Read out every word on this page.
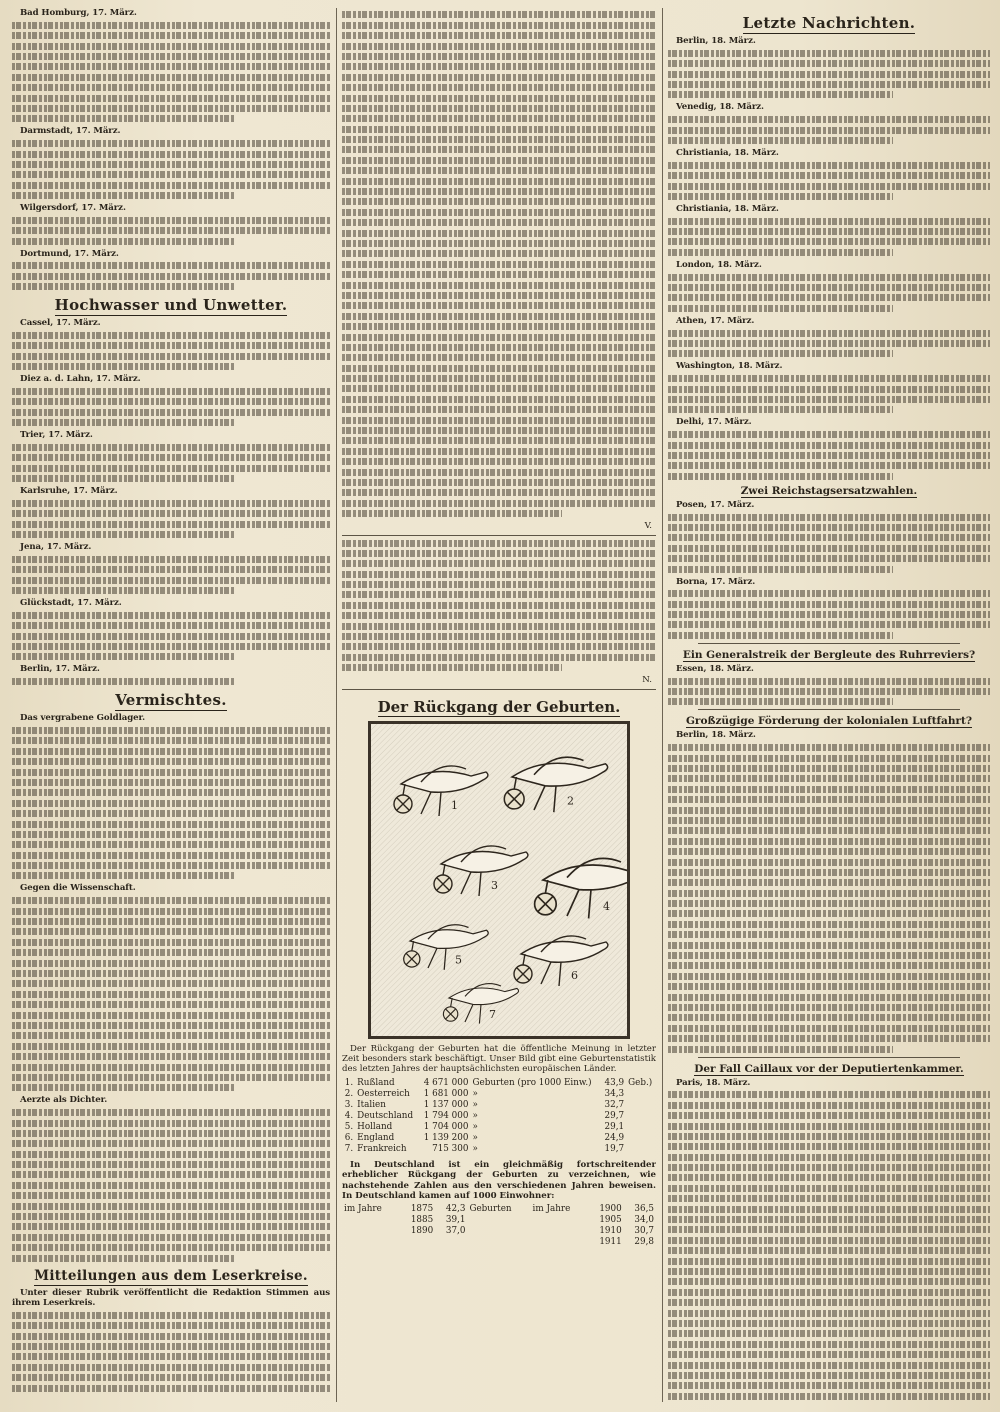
Bad Homburg, 17. März.

Darmstadt, 17. März.

Wilgersdorf, 17. März.

Dortmund, 17. März.

Hochwasser und Unwetter.

Cassel, 17. März.

Diez a. d. Lahn, 17. März.

Trier, 17. März.

Karlsruhe, 17. März.

Jena, 17. März.

Glückstadt, 17. März.

Berlin, 17. März.

Vermischtes.

Das vergrabene Goldlager.

Gegen die Wissenschaft.

Aerzte als Dichter.

Mitteilungen aus dem Leserkreise.

Unter dieser Rubrik veröffentlicht die Redaktion Stimmen aus ihrem Leserkreis.

V.
N.
Der Rückgang der Geburten.
1	2
3
4
5
6
7

Der Rückgang der Geburten hat die öffentliche Meinung in letzter Zeit besonders stark beschäftigt. Unser Bild gibt eine Geburtenstatistik des letzten Jahres der hauptsächlichsten europäischen Länder.

1.	Rußland	4 671 000	Geburten (pro 1000 Einw.)	43,9	Geb.)
2.	Oesterreich	1 681 000	»	34,3	
3.	Italien	1 137 000	»	32,7	
4.	Deutschland	1 794 000	»	29,7	
5.	Holland	1 704 000	»	29,1	
6.	England	1 139 200	»	24,9	
7.	Frankreich	715 300	»	19,7	

In Deutschland ist ein gleichmäßig fortschreitender erheblicher Rückgang der Geburten zu verzeichnen, wie nachstehende Zahlen aus den verschiedenen Jahren beweisen. In Deutschland kamen auf 1000 Einwohner:

im Jahre	1875	42,3	Geburten	im Jahre	1900	36,5
	1885	39,1			1905	34,0
	1890	37,0			1910	30,7
					1911	29,8
Letzte Nachrichten.

Berlin, 18. März.

Venedig, 18. März.

Christiania, 18. März.

Christiania, 18. März.

London, 18. März.

Athen, 17. März.

Washington, 18. März.

Delhi, 17. März.

Zwei Reichstagsersatzwahlen.

Posen, 17. März.

Borna, 17. März.

Ein Generalstreik der Bergleute des Ruhrreviers?

Essen, 18. März.

Großzügige Förderung der kolonialen Luftfahrt?

Berlin, 18. März.

Der Fall Caillaux vor der Deputiertenkammer.

Paris, 18. März.
